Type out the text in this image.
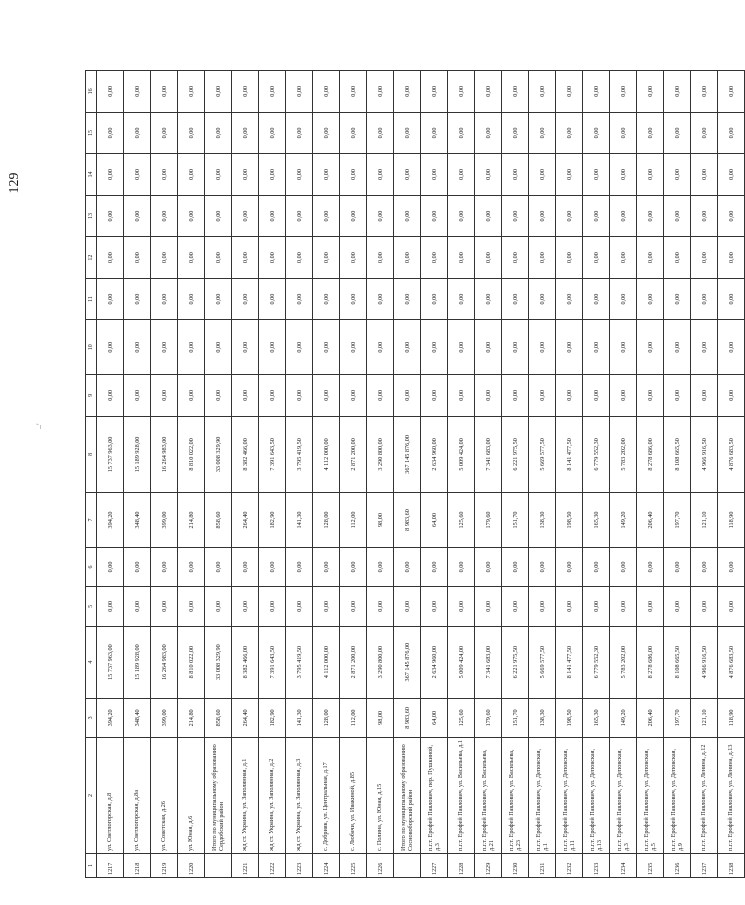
129
–ʹ
1	2	3	4	5	6	7	8	9	10	11	12	13	14	15	16
1217	ул. Светлогорская, д.8	394,20	15 737 963,00	0,00	0,00	394,20	15 737 963,00	0,00	0,00	0,00	0,00	0,00	0,00	0,00	0,00
1218	ул. Светлогорская, д.8а	348,40	15 189 928,00	0,00	0,00	348,40	15 189 928,00	0,00	0,00	0,00	0,00	0,00	0,00	0,00	0,00
1219	ул. Советская, д.26	399,00	16 264 983,00	0,00	0,00	399,00	16 264 983,00	0,00	0,00	0,00	0,00	0,00	0,00	0,00	0,00
1220	ул. Юная, д.6	214,80	8 810 022,00	0,00	0,00	214,80	8 810 022,00	0,00	0,00	0,00	0,00	0,00	0,00	0,00	0,00
	Итого по муниципальному образованию Сердобский район	858,60	33 008 329,90	0,00	0,00	858,60	33 008 329,90	0,00	0,00	0,00	0,00	0,00	0,00	0,00	0,00
1221	жд ст. Украина, ул. Заполянная, д.1	264,40	8 382 466,00	0,00	0,00	264,40	8 382 466,00	0,00	0,00	0,00	0,00	0,00	0,00	0,00	0,00
1222	жд ст. Украина, ул. Заполянная, д.2	182,90	7 391 643,50	0,00	0,00	182,90	7 391 643,50	0,00	0,00	0,00	0,00	0,00	0,00	0,00	0,00
1223	жд ст. Украина, ул. Заполянная, д.3	141,30	3 795 419,50	0,00	0,00	141,30	3 795 419,50	0,00	0,00	0,00	0,00	0,00	0,00	0,00	0,00
1224	с. Добрияк, ул. Центральная, д.17	128,00	4 112 000,00	0,00	0,00	128,00	4 112 000,00	0,00	0,00	0,00	0,00	0,00	0,00	0,00	0,00
1225	с. Любачи, ул. Ивакиной, д.85	112,00	2 871 200,00	0,00	0,00	112,00	2 871 200,00	0,00	0,00	0,00	0,00	0,00	0,00	0,00	0,00
1226	с. Полина, ул. Юная, д.15	98,00	3 290 800,00	0,00	0,00	98,00	3 290 800,00	0,00	0,00	0,00	0,00	0,00	0,00	0,00	0,00
	Итого по муниципальному образованию Сосновоборский район	8 983,60	367 145 876,00	0,00	0,00	8 983,60	367 145 876,00	0,00	0,00	0,00	0,00	0,00	0,00	0,00	0,00
1227	п.г.т. Ерофей Павлович, пер. Пушкиной, д.3	64,00	2 634 960,00	0,00	0,00	64,00	2 634 960,00	0,00	0,00	0,00	0,00	0,00	0,00	0,00	0,00
1228	п.г.т. Ерофей Павлович, ул. Васильева, д.1	125,60	5 009 424,00	0,00	0,00	125,60	5 009 424,00	0,00	0,00	0,00	0,00	0,00	0,00	0,00	0,00
1229	п.г.т. Ерофей Павлович, ул. Васильева, д.21	179,60	7 341 683,00	0,00	0,00	179,60	7 341 683,00	0,00	0,00	0,00	0,00	0,00	0,00	0,00	0,00
1230	п.г.т. Ерофей Павлович, ул. Васильева, д.23	151,70	6 221 975,50	0,00	0,00	151,70	6 221 975,50	0,00	0,00	0,00	0,00	0,00	0,00	0,00	0,00
1231	п.г.т. Ерофей Павлович, ул. Деповская, д.1	138,30	5 669 577,50	0,00	0,00	138,30	5 669 577,50	0,00	0,00	0,00	0,00	0,00	0,00	0,00	0,00
1232	п.г.т. Ерофей Павлович, ул. Деповская, д.11	198,50	8 141 477,50	0,00	0,00	198,50	8 141 477,50	0,00	0,00	0,00	0,00	0,00	0,00	0,00	0,00
1233	п.г.т. Ерофей Павлович, ул. Деповская, д.13	165,30	6 779 552,30	0,00	0,00	165,30	6 779 552,30	0,00	0,00	0,00	0,00	0,00	0,00	0,00	0,00
1234	п.г.т. Ерофей Павлович, ул. Деповская, д.3	149,20	5 783 202,00	0,00	0,00	149,20	5 783 202,00	0,00	0,00	0,00	0,00	0,00	0,00	0,00	0,00
1235	п.г.т. Ерофей Павлович, ул. Деповская, д.5	206,40	8 278 686,00	0,00	0,00	206,40	8 278 686,00	0,00	0,00	0,00	0,00	0,00	0,00	0,00	0,00
1236	п.г.т. Ерофей Павлович, ул. Деповская, д.9	197,70	8 108 665,50	0,00	0,00	197,70	8 108 665,50	0,00	0,00	0,00	0,00	0,00	0,00	0,00	0,00
1237	п.г.т. Ерофей Павлович, ул. Ленина, д.12	121,10	4 966 916,50	0,00	0,00	121,10	4 966 916,50	0,00	0,00	0,00	0,00	0,00	0,00	0,00	0,00
1238	п.г.т. Ерофей Павлович, ул. Ленина, д.13	118,90	4 876 683,50	0,00	0,00	118,90	4 876 683,50	0,00	0,00	0,00	0,00	0,00	0,00	0,00	0,00
